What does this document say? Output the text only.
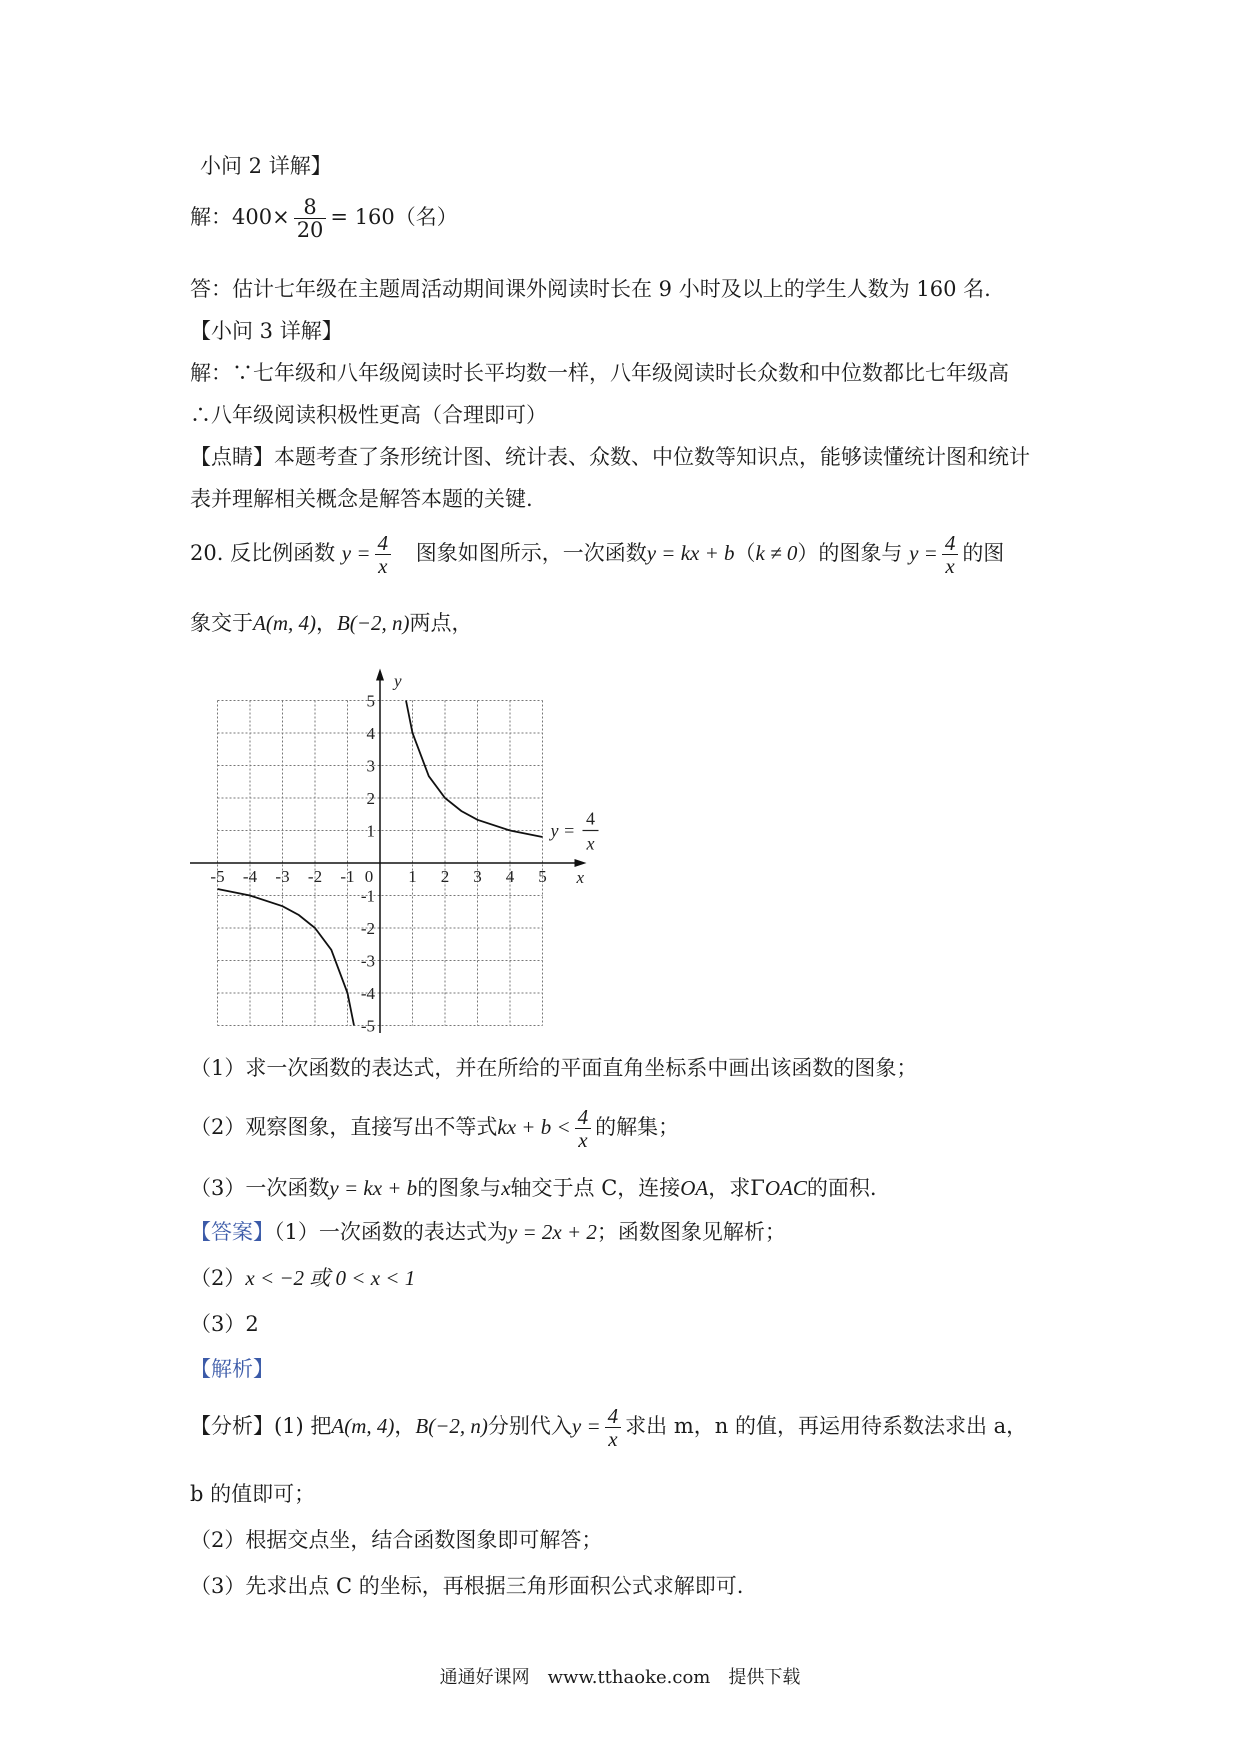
小问 2 详解】
解：$400\times \frac{8}{20} = 160$（名）
答：估计七年级在主题周活动期间课外阅读时长在 9 小时及以上的学生人数为 160 名.
【小问 3 详解】
解：∵七年级和八年级阅读时长平均数一样，八年级阅读时长众数和中位数都比七年级高
∴八年级阅读积极性更高（合理即可）
【点睛】本题考查了条形统计图、统计表、众数、中位数等知识点，能够读懂统计图和统计
表并理解相关概念是解答本题的关键.
20. 反比例函数 $y = \frac{4}{x}$ 图象如图所示，一次函数y = kx + b（k ≠ 0）的图象与 $y = \frac{4}{x}$ 的图
象交于A(m, 4)，B(−2, n)两点，
-5 -4 -3 -2 -1 0 1 2 3 4 5
5
4
3
2
1
-1
-2
-3
-4
-5
x
y
y =
4
x
（1）求一次函数的表达式，并在所给的平面直角坐标系中画出该函数的图象；
（2）观察图象，直接写出不等式kx + $b < \frac{4}{x}$ 的解集；
（3）一次函数y = kx + b的图象与x轴交于点 C，连接OA，求ΓOAC的面积.
【答案】（1）一次函数的表达式为y = 2x + 2；函数图象见解析；
（2）x < −2 或 0 < x < 1
（3）2
【解析】
【分析】(1) 把A(m, 4)，B(−2, n)分别代入$y = \frac{4}{x}$ 求出 m，n 的值，再运用待系数法求出 a，
b 的值即可；
（2）根据交点坐，结合函数图象即可解答；
（3）先求出点 C 的坐标，再根据三角形面积公式求解即可.
通通好课网　www.tthaoke.com　提供下载
